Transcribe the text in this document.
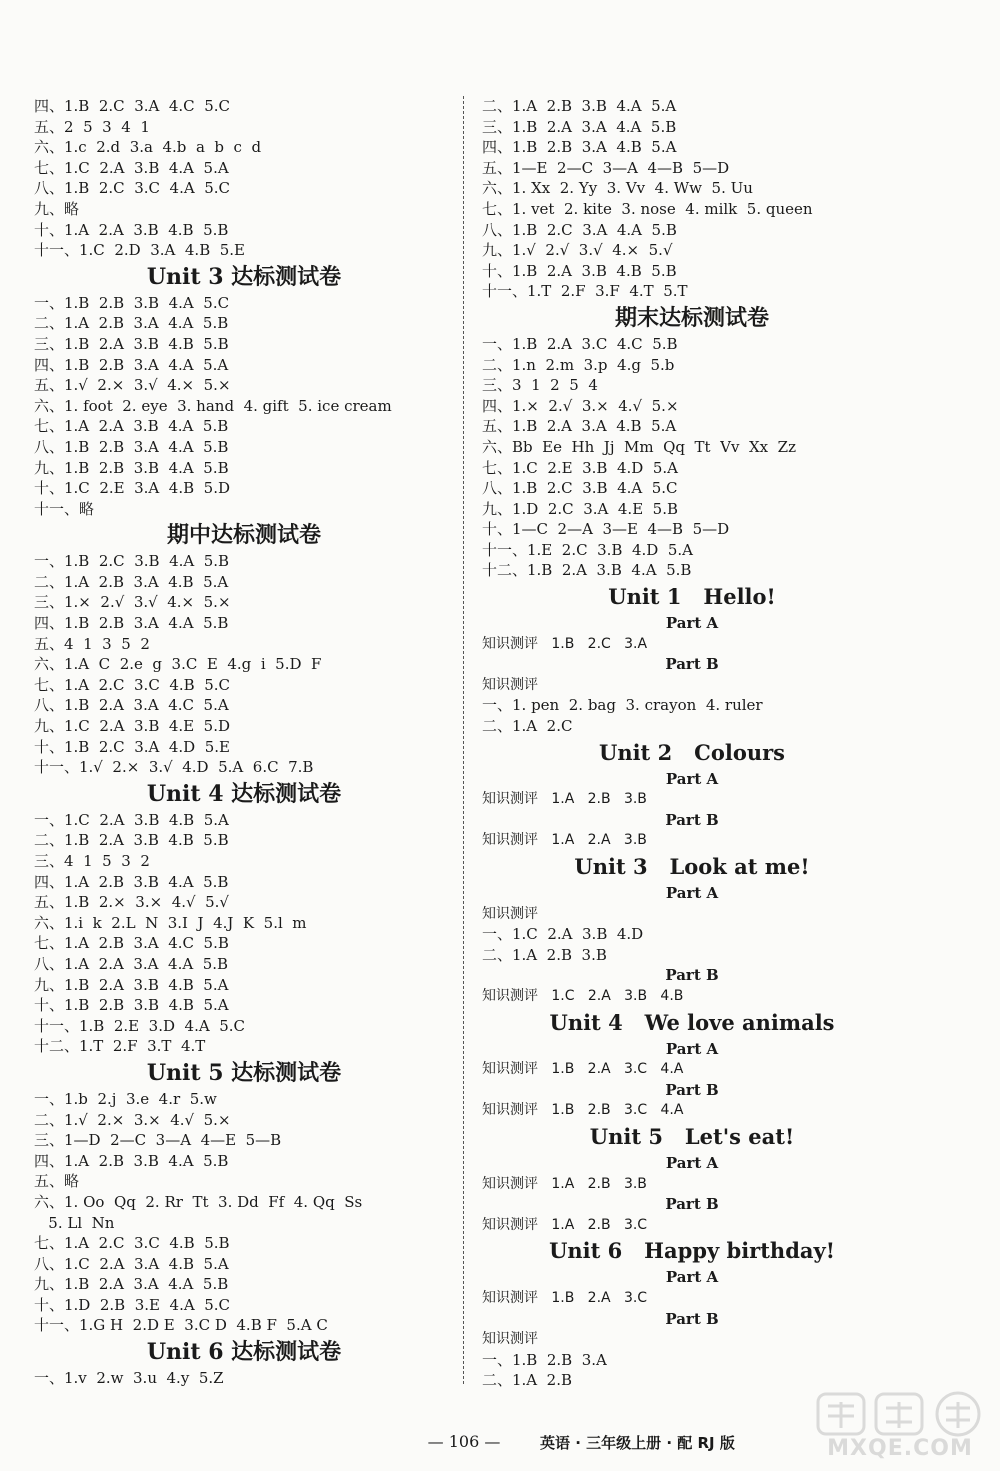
四、1.B  2.C  3.A  4.C  5.C
五、2  5  3  4  1
六、1.c  2.d  3.a  4.b  a  b  c  d
七、1.C  2.A  3.B  4.A  5.A
八、1.B  2.C  3.C  4.A  5.C
九、略
十、1.A  2.A  3.B  4.B  5.B
十一、1.C  2.D  3.A  4.B  5.E
Unit 3 达标测试卷
一、1.B  2.B  3.B  4.A  5.C
二、1.A  2.B  3.A  4.A  5.B
三、1.B  2.A  3.B  4.B  5.B
四、1.B  2.B  3.A  4.A  5.A
五、1.√  2.×  3.√  4.×  5.×
六、1. foot  2. eye  3. hand  4. gift  5. ice cream
七、1.A  2.A  3.B  4.A  5.B
八、1.B  2.B  3.A  4.A  5.B
九、1.B  2.B  3.B  4.A  5.B
十、1.C  2.E  3.A  4.B  5.D
十一、略
期中达标测试卷
一、1.B  2.C  3.B  4.A  5.B
二、1.A  2.B  3.A  4.B  5.A
三、1.×  2.√  3.√  4.×  5.×
四、1.B  2.B  3.A  4.A  5.B
五、4  1  3  5  2
六、1.A  C  2.e  g  3.C  E  4.g  i  5.D  F
七、1.A  2.C  3.C  4.B  5.C
八、1.B  2.A  3.A  4.C  5.A
九、1.C  2.A  3.B  4.E  5.D
十、1.B  2.C  3.A  4.D  5.E
十一、1.√  2.×  3.√  4.D  5.A  6.C  7.B
Unit 4 达标测试卷
一、1.C  2.A  3.B  4.B  5.A
二、1.B  2.A  3.B  4.B  5.B
三、4  1  5  3  2
四、1.A  2.B  3.B  4.A  5.B
五、1.B  2.×  3.×  4.√  5.√
六、1.i  k  2.L  N  3.I  J  4.J  K  5.l  m
七、1.A  2.B  3.A  4.C  5.B
八、1.A  2.A  3.A  4.A  5.B
九、1.B  2.A  3.B  4.B  5.A
十、1.B  2.B  3.B  4.B  5.A
十一、1.B  2.E  3.D  4.A  5.C
十二、1.T  2.F  3.T  4.T
Unit 5 达标测试卷
一、1.b  2.j  3.e  4.r  5.w
二、1.√  2.×  3.×  4.√  5.×
三、1—D  2—C  3—A  4—E  5—B
四、1.A  2.B  3.B  4.A  5.B
五、略
六、1. Oo  Qq  2. Rr  Tt  3. Dd  Ff  4. Qq  Ss
5. Ll  Nn
七、1.A  2.C  3.C  4.B  5.B
八、1.C  2.A  3.A  4.B  5.A
九、1.B  2.A  3.A  4.A  5.B
十、1.D  2.B  3.E  4.A  5.C
十一、1.G H  2.D E  3.C D  4.B F  5.A C
Unit 6 达标测试卷
一、1.v  2.w  3.u  4.y  5.Z
二、1.A  2.B  3.B  4.A  5.A
三、1.B  2.A  3.A  4.A  5.B
四、1.B  2.B  3.A  4.B  5.A
五、1—E  2—C  3—A  4—B  5—D
六、1. Xx  2. Yy  3. Vv  4. Ww  5. Uu
七、1. vet  2. kite  3. nose  4. milk  5. queen
八、1.B  2.C  3.A  4.A  5.B
九、1.√  2.√  3.√  4.×  5.√
十、1.B  2.A  3.B  4.B  5.B
十一、1.T  2.F  3.F  4.T  5.T
期末达标测试卷
一、1.B  2.A  3.C  4.C  5.B
二、1.n  2.m  3.p  4.g  5.b
三、3  1  2  5  4
四、1.×  2.√  3.×  4.√  5.×
五、1.B  2.A  3.A  4.B  5.A
六、Bb  Ee  Hh  Jj  Mm  Qq  Tt  Vv  Xx  Zz
七、1.C  2.E  3.B  4.D  5.A
八、1.B  2.C  3.B  4.A  5.C
九、1.D  2.C  3.A  4.E  5.B
十、1—C  2—A  3—E  4—B  5—D
十一、1.E  2.C  3.B  4.D  5.A
十二、1.B  2.A  3.B  4.A  5.B
Unit 1   Hello!
Part A
知识测评   1.B   2.C   3.A
Part B
知识测评
一、1. pen  2. bag  3. crayon  4. ruler
二、1.A  2.C
Unit 2   Colours
Part A
知识测评   1.A   2.B   3.B
Part B
知识测评   1.A   2.A   3.B
Unit 3   Look at me!
Part A
知识测评
一、1.C  2.A  3.B  4.D
二、1.A  2.B  3.B
Part B
知识测评   1.C   2.A   3.B   4.B
Unit 4   We love animals
Part A
知识测评   1.B   2.A   3.C   4.A
Part B
知识测评   1.B   2.B   3.C   4.A
Unit 5   Let's eat!
Part A
知识测评   1.A   2.B   3.B
Part B
知识测评   1.A   2.B   3.C
Unit 6   Happy birthday!
Part A
知识测评   1.B   2.A   3.C
Part B
知识测评
一、1.B  2.B  3.A
二、1.A  2.B
— 106 —	英语 · 三年级上册 · 配 RJ 版	MXQE.COM
